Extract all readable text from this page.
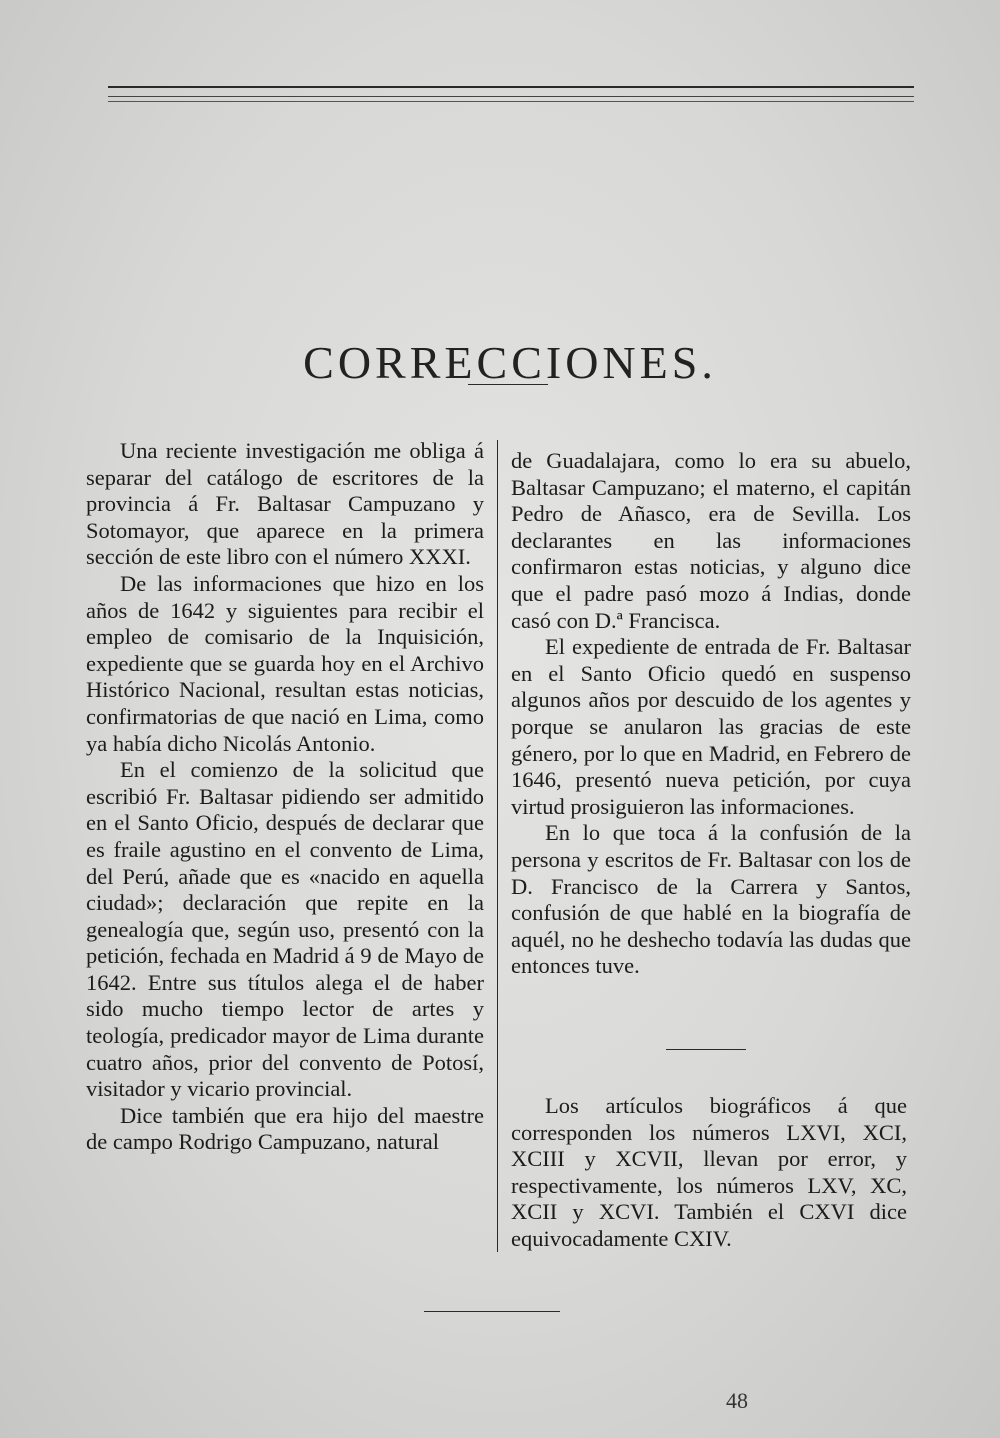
CORRECCIONES.

Una reciente investigación me obliga á separar del catálogo de escritores de la provincia á Fr. Baltasar Campuzano y Sotomayor, que aparece en la primera sección de este libro con el número XXXI.

De las informaciones que hizo en los años de 1642 y siguientes para recibir el empleo de comisario de la Inquisición, expediente que se guarda hoy en el Archivo Histórico Nacional, resultan estas noticias, confirmatorias de que nació en Lima, como ya había dicho Nicolás Antonio.

En el comienzo de la solicitud que escribió Fr. Baltasar pidiendo ser admitido en el Santo Oficio, después de declarar que es fraile agustino en el convento de Lima, del Perú, añade que es «nacido en aquella ciudad»; declaración que repite en la genealogía que, según uso, presentó con la petición, fechada en Madrid á 9 de Mayo de 1642. Entre sus títulos alega el de haber sido mucho tiempo lector de artes y teología, predicador mayor de Lima durante cuatro años, prior del convento de Potosí, visitador y vicario provincial.

Dice también que era hijo del maestre de campo Rodrigo Campuzano, natural

de Guadalajara, como lo era su abuelo, Baltasar Campuzano; el materno, el capitán Pedro de Añasco, era de Sevilla. Los declarantes en las informaciones confirmaron estas noticias, y alguno dice que el padre pasó mozo á Indias, donde casó con D.ª Francisca.

El expediente de entrada de Fr. Baltasar en el Santo Oficio quedó en suspenso algunos años por descuido de los agentes y porque se anularon las gracias de este género, por lo que en Madrid, en Febrero de 1646, presentó nueva petición, por cuya virtud prosiguieron las informaciones.

En lo que toca á la confusión de la persona y escritos de Fr. Baltasar con los de D. Francisco de la Carrera y Santos, confusión de que hablé en la biografía de aquél, no he deshecho todavía las dudas que entonces tuve.

Los artículos biográficos á que corresponden los números LXVI, XCI, XCIII y XCVII, llevan por error, y respectivamente, los números LXV, XC, XCII y XCVI. También el CXVI dice equivocadamente CXIV.

48
